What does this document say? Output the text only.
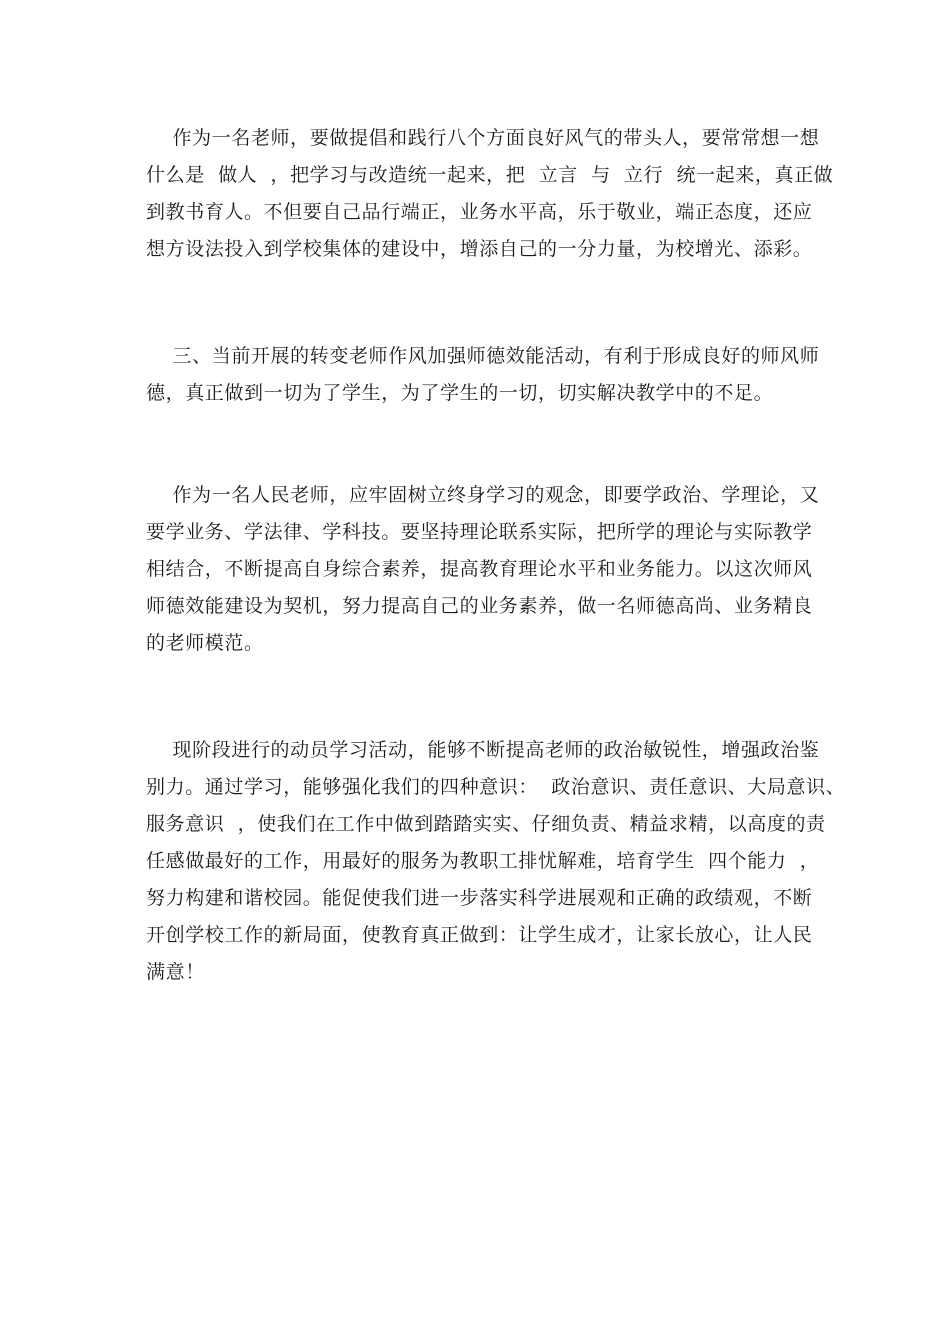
作为一名老师，要做提倡和践行八个方面良好风气的带头人，要常常想一想
什么是  做人  ，把学习与改造统一起来，把  立言  与  立行  统一起来，真正做
到教书育人。不但要自己品行端正，业务水平高，乐于敬业，端正态度，还应
想方设法投入到学校集体的建设中，增添自己的一分力量，为校增光、添彩。
三、当前开展的转变老师作风加强师德效能活动，有利于形成良好的师风师
德，真正做到一切为了学生，为了学生的一切，切实解决教学中的不足。
作为一名人民老师，应牢固树立终身学习的观念，即要学政治、学理论，又
要学业务、学法律、学科技。要坚持理论联系实际，把所学的理论与实际教学
相结合，不断提高自身综合素养，提高教育理论水平和业务能力。以这次师风
师德效能建设为契机，努力提高自己的业务素养，做一名师德高尚、业务精良
的老师模范。
现阶段进行的动员学习活动，能够不断提高老师的政治敏锐性，增强政治鉴
别力。通过学习，能够强化我们的四种意识：  政治意识、责任意识、大局意识、
服务意识  ，使我们在工作中做到踏踏实实、仔细负责、精益求精，以高度的责
任感做最好的工作，用最好的服务为教职工排忧解难，培育学生  四个能力  ，
努力构建和谐校园。能促使我们进一步落实科学进展观和正确的政绩观，不断
开创学校工作的新局面，使教育真正做到：让学生成才，让家长放心，让人民
满意！
